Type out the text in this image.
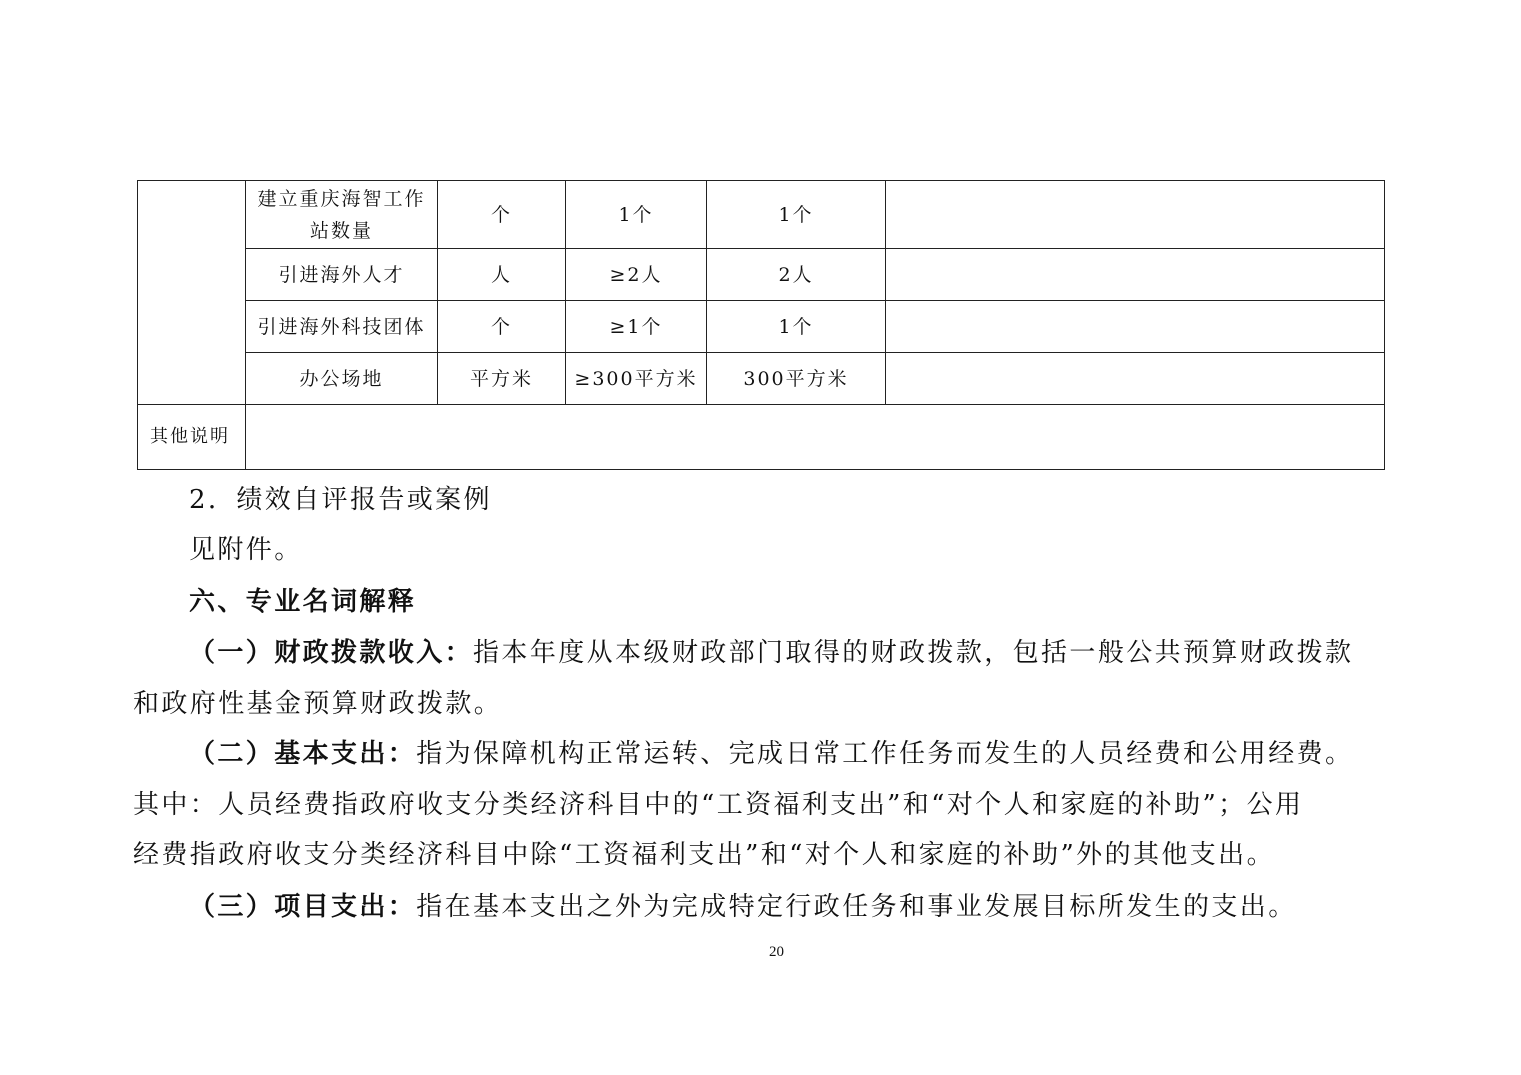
	建立重庆海智工作站数量	个	1个	1个	
	引进海外人才	人	≥2人	2人	
	引进海外科技团体	个	≥1个	1个	
	办公场地	平方米	≥300平方米	300平方米	
其他说明					

2．绩效自评报告或案例

见附件。

六、专业名词解释

（一）财政拨款收入：指本年度从本级财政部门取得的财政拨款，包括一般公共预算财政拨款

和政府性基金预算财政拨款。

（二）基本支出：指为保障机构正常运转、完成日常工作任务而发生的人员经费和公用经费。

其中：人员经费指政府收支分类经济科目中的“工资福利支出”和“对个人和家庭的补助”；公用

经费指政府收支分类经济科目中除“工资福利支出”和“对个人和家庭的补助”外的其他支出。

（三）项目支出：指在基本支出之外为完成特定行政任务和事业发展目标所发生的支出。

20
